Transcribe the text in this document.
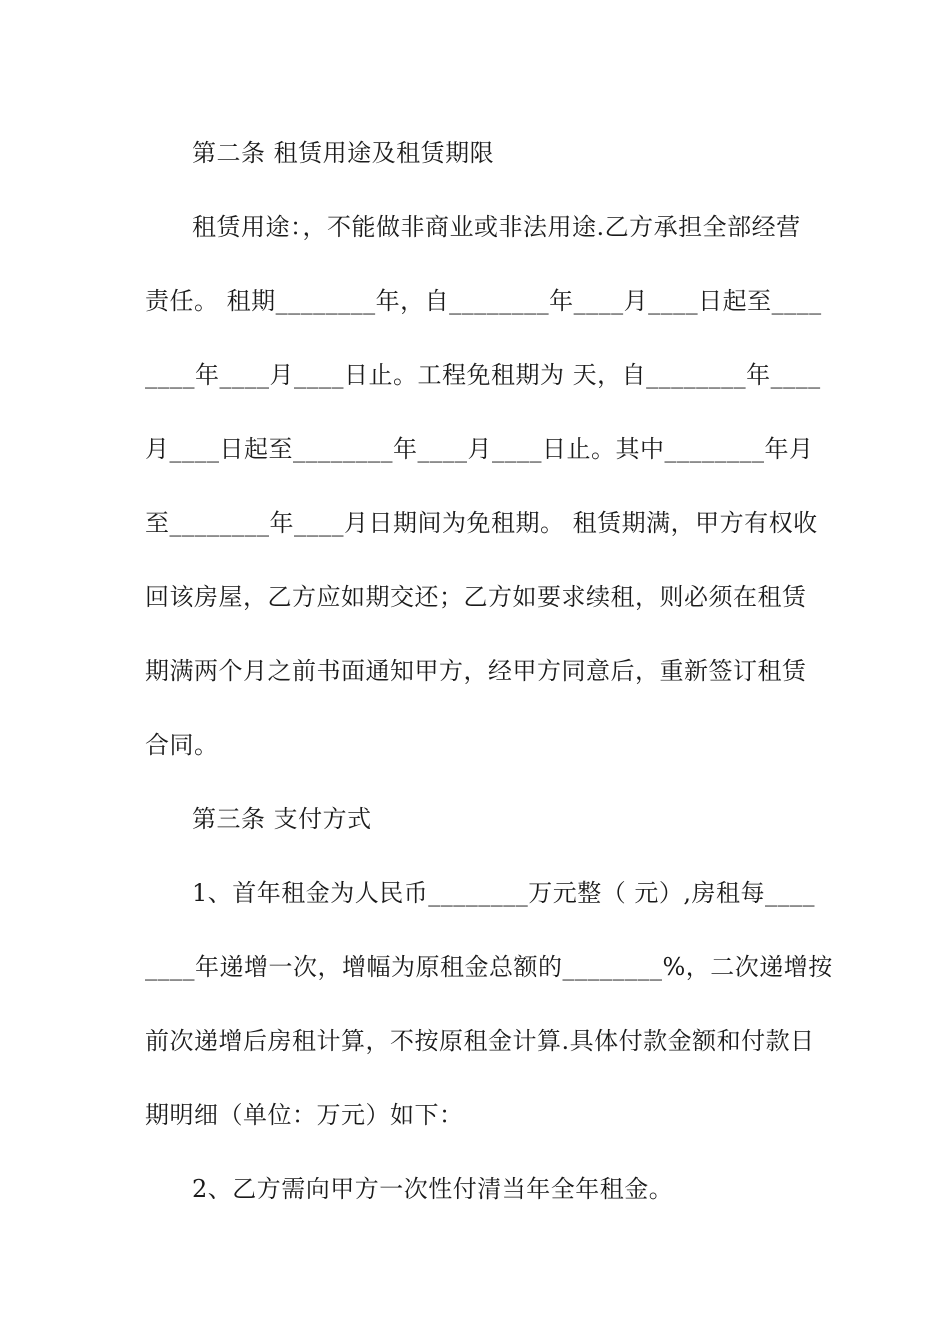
第二条 租赁用途及租赁期限
租赁用途：，不能做非商业或非法用途.乙方承担全部经营
责任。 租期________年，自________年____月____日起至____
____年____月____日止。工程免租期为 天，自________年____
月____日起至________年____月____日止。其中________年月
至________年____月日期间为免租期。 租赁期满，甲方有权收
回该房屋，乙方应如期交还；乙方如要求续租，则必须在租赁
期满两个月之前书面通知甲方，经甲方同意后，重新签订租赁
合同。
第三条 支付方式
1、首年租金为人民币________万元整（ 元）,房租每____
____年递增一次，增幅为原租金总额的________%，二次递增按
前次递增后房租计算，不按原租金计算.具体付款金额和付款日
期明细（单位：万元）如下：
2、乙方需向甲方一次性付清当年全年租金。
